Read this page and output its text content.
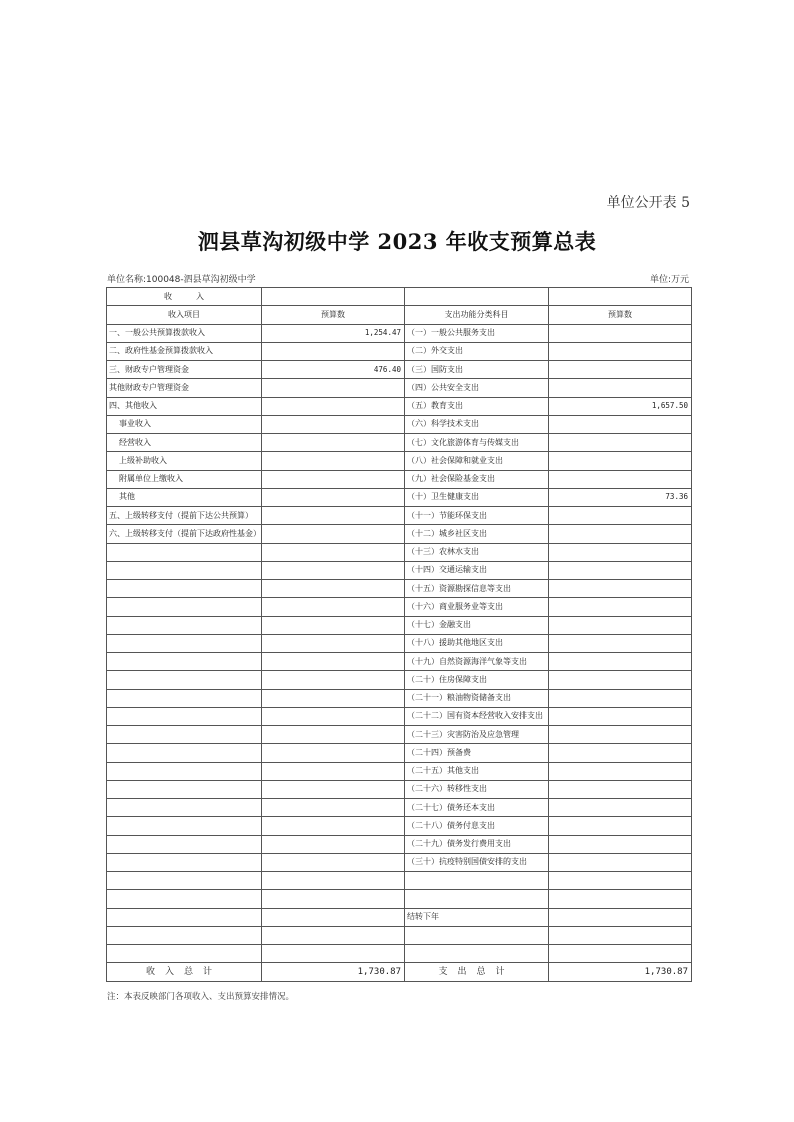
单位公开表 5
泗县草沟初级中学 2023 年收支预算总表
单位名称:100048-泗县草沟初级中学	单位:万元
收　　　入			
收入项目	预算数	支出功能分类科目	预算数
一、一般公共预算拨款收入	1,254.47	（一）一般公共服务支出	
二、政府性基金预算拨款收入		（二）外交支出	
三、财政专户管理资金	476.40	（三）国防支出	
其他财政专户管理资金		（四）公共安全支出	
四、其他收入		（五）教育支出	1,657.50
事业收入		（六）科学技术支出	
经营收入		（七）文化旅游体育与传媒支出	
上级补助收入		（八）社会保障和就业支出	
附属单位上缴收入		（九）社会保险基金支出	
其他		（十）卫生健康支出	73.36
五、上级转移支付（提前下达公共预算）		（十一）节能环保支出	
六、上级转移支付（提前下达政府性基金）		（十二）城乡社区支出	
		（十三）农林水支出	
		（十四）交通运输支出	
		（十五）资源勘探信息等支出	
		（十六）商业服务业等支出	
		（十七）金融支出	
		（十八）援助其他地区支出	
		（十九）自然资源海洋气象等支出	
		（二十）住房保障支出	
		（二十一）粮油物资储备支出	
		（二十二）国有资本经营收入安排支出	
		（二十三）灾害防治及应急管理	
		（二十四）预备费	
		（二十五）其他支出	
		（二十六）转移性支出	
		（二十七）债务还本支出	
		（二十八）债务付息支出	
		（二十九）债务发行费用支出	
		（三十）抗疫特别国债安排的支出	

		结转下年	

收入总计	1,730.87	支出总计	1,730.87
注：本表反映部门各项收入、支出预算安排情况。
